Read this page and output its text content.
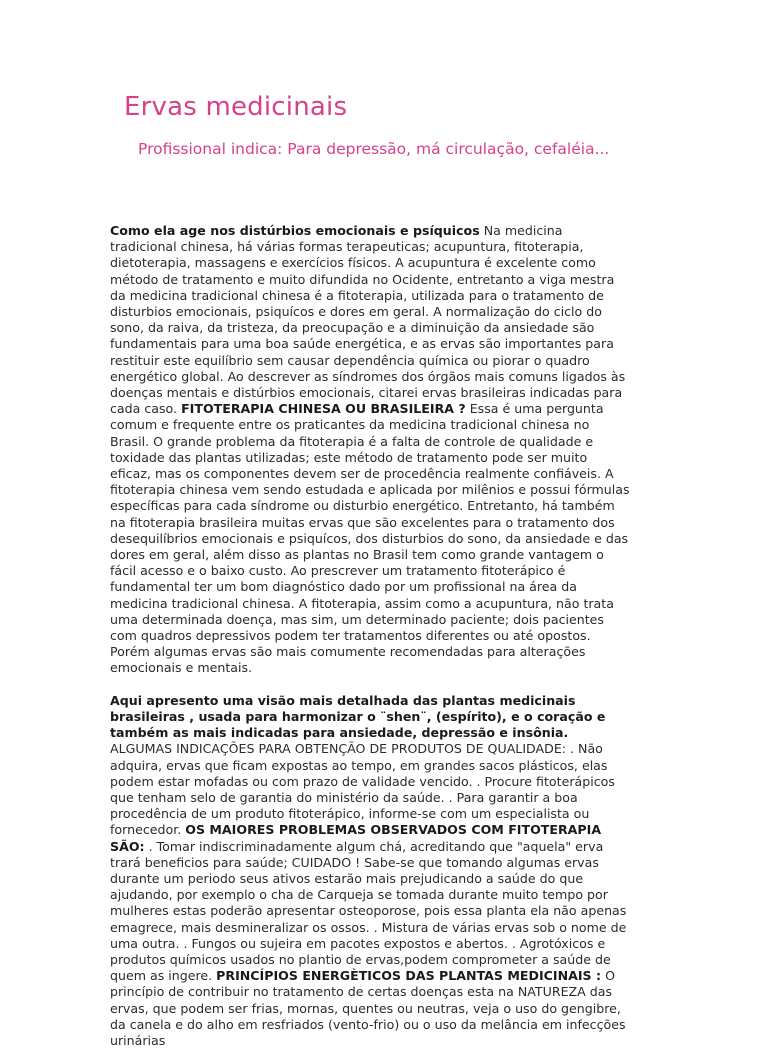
Ervas medicinais

Profissional indica: Para depressão, má circulação, cefaléia...

Como ela age nos distúrbios emocionais e psíquicos Na medicina tradicional chinesa, há várias formas terapeuticas; acupuntura, fitoterapia, dietoterapia, massagens e exercícios físicos. A acupuntura é excelente como método de tratamento e muito difundida no Ocidente, entretanto a viga mestra da medicina tradicional chinesa é a fitoterapia, utilizada para o tratamento de disturbios emocionais, psiquícos e dores em geral. A normalização do ciclo do sono, da raiva, da tristeza, da preocupação e a diminuição da ansiedade são fundamentais para uma boa saúde energética, e as ervas são importantes para restituir este equilíbrio sem causar dependência química ou piorar o quadro energético global. Ao descrever as síndromes dos órgãos mais comuns ligados às doenças mentais e distúrbios emocionais, citarei ervas brasileiras indicadas para cada caso. FITOTERAPIA CHINESA OU BRASILEIRA ? Essa é uma pergunta comum e frequente entre os praticantes da medicina tradicional chinesa no Brasil. O grande problema da fitoterapia é a falta de controle de qualidade e toxidade das plantas utilizadas; este método de tratamento pode ser muito eficaz, mas os componentes devem ser de procedência realmente confiáveis. A fitoterapia chinesa vem sendo estudada e aplicada por milênios e possui fórmulas específicas para cada síndrome ou disturbio energético. Entretanto, há também na fitoterapia brasileira muitas ervas que são excelentes para o tratamento dos desequilíbrios emocionais e psiquícos, dos disturbios do sono, da ansiedade e das dores em geral, além disso as plantas no Brasil tem como grande vantagem o fácil acesso e o baixo custo. Ao prescrever um tratamento fitoterápico é fundamental ter um bom diagnóstico dado por um profissional na área da medicina tradicional chinesa. A fitoterapia, assim como a acupuntura, não trata uma determinada doença, mas sim, um determinado paciente; dois pacientes com quadros depressivos podem ter tratamentos diferentes ou até opostos. Porém algumas ervas são mais comumente recomendadas para alterações emocionais e mentais.

Aqui apresento uma visão mais detalhada das plantas medicinais brasileiras , usada para harmonizar o ¨shen¨, (espírito), e o coração e também as mais indicadas para ansiedade, depressão e insônia. ALGUMAS INDICAÇÕES PARA OBTENÇÃO DE PRODUTOS DE QUALIDADE: . Não adquira, ervas que ficam expostas ao tempo, em grandes sacos plásticos, elas podem estar mofadas ou com prazo de validade vencido. . Procure fitoterápicos que tenham selo de garantia do ministério da saúde. . Para garantir a boa procedência de um produto fitoterápico, informe-se com um especialista ou fornecedor. OS MAIORES PROBLEMAS OBSERVADOS COM FITOTERAPIA SÃO: . Tomar indiscriminadamente algum chá, acreditando que "aquela" erva trará beneficios para saúde; CUIDADO ! Sabe-se que tomando algumas ervas durante um periodo seus ativos estarão mais prejudicando a saúde do que ajudando, por exemplo o cha de Carqueja se tomada durante muito tempo por mulheres estas poderão apresentar osteoporose, pois essa planta ela não apenas emagrece, mais desmineralizar os ossos. . Mistura de várias ervas sob o nome de uma outra. . Fungos ou sujeira em pacotes expostos e abertos. . Agrotóxicos e produtos químicos usados no plantio de ervas,podem comprometer a saúde de quem as ingere. PRINCÍPIOS ENERGÈTICOS DAS PLANTAS MEDICINAIS : O princípio de contribuir no tratamento de certas doenças esta na NATUREZA das ervas, que podem ser frias, mornas, quentes ou neutras, veja o uso do gengibre, da canela e do alho em resfriados (vento-frio) ou o uso da melância em infecções urinárias
